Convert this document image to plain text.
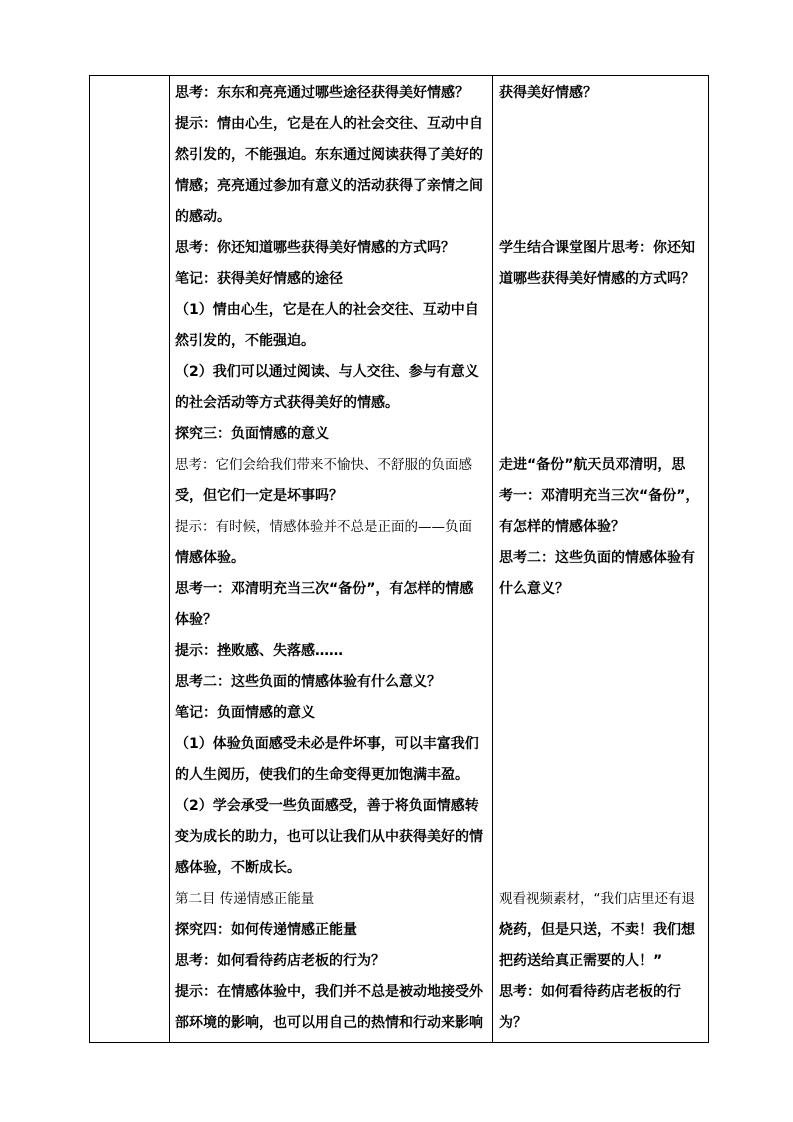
思考：东东和亮亮通过哪些途径获得美好情感？
提示：情由心生，它是在人的社会交往、互动中自
然引发的，不能强迫。东东通过阅读获得了美好的
情感；亮亮通过参加有意义的活动获得了亲情之间
的感动。
思考：你还知道哪些获得美好情感的方式吗？
笔记：获得美好情感的途径
（1）情由心生，它是在人的社会交往、互动中自
然引发的，不能强迫。
（2）我们可以通过阅读、与人交往、参与有意义
的社会活动等方式获得美好的情感。
探究三：负面情感的意义
思考：它们会给我们带来不愉快、不舒服的负面感
受，但它们一定是坏事吗？
提示：有时候，情感体验并不总是正面的——负面
情感体验。
思考一：邓清明充当三次“备份”，有怎样的情感
体验？
提示：挫败感、失落感……
思考二：这些负面的情感体验有什么意义？
笔记：负面情感的意义
（1）体验负面感受未必是件坏事，可以丰富我们
的人生阅历，使我们的生命变得更加饱满丰盈。
（2）学会承受一些负面感受，善于将负面情感转
变为成长的助力，也可以让我们从中获得美好的情
感体验，不断成长。
第二目 传递情感正能量
探究四：如何传递情感正能量
思考：如何看待药店老板的行为？
提示：在情感体验中，我们并不总是被动地接受外
部环境的影响，也可以用自己的热情和行动来影响
获得美好情感？
学生结合课堂图片思考：你还知
道哪些获得美好情感的方式吗？
走进“备份”航天员邓清明，思
考一：邓清明充当三次“备份”，
有怎样的情感体验？
思考二：这些负面的情感体验有
什么意义？
观看视频素材，“我们店里还有退
烧药，但是只送，不卖！我们想
把药送给真正需要的人！”
思考：如何看待药店老板的行
为？
